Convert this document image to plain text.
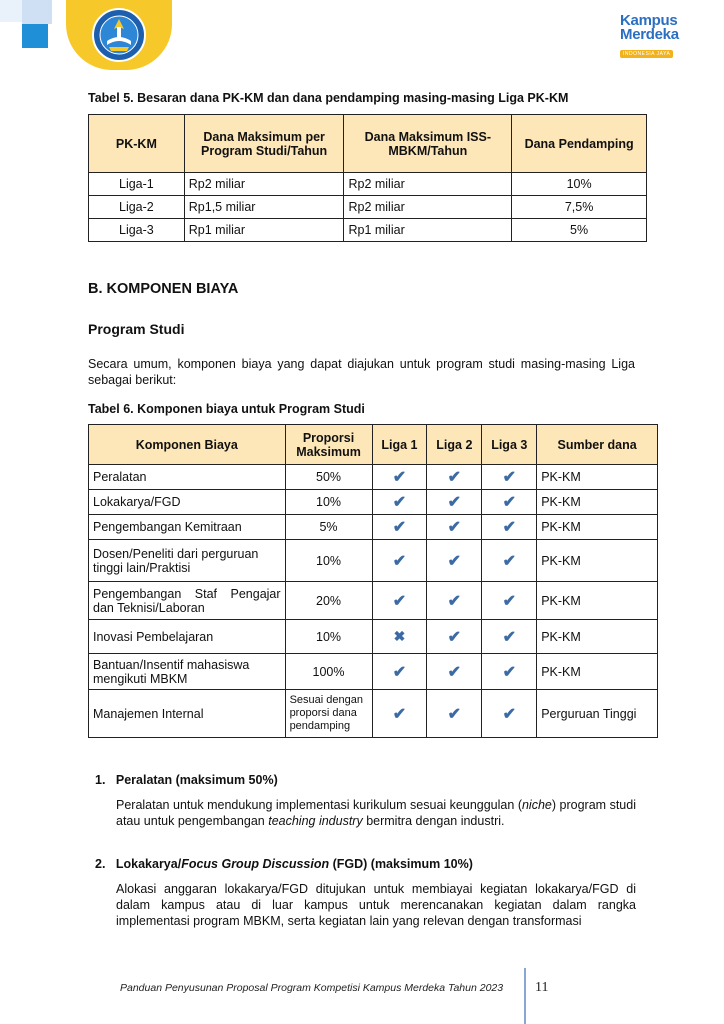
Kampus
Merdeka
INDONESIA JAYA
Tabel 5. Besaran dana PK-KM dan dana pendamping masing-masing Liga PK-KM
PK-KM	Dana Maksimum per Program Studi/Tahun	Dana Maksimum ISS-MBKM/Tahun	Dana Pendamping
Liga-1	Rp2 miliar	Rp2 miliar	10%
Liga-2	Rp1,5 miliar	Rp2 miliar	7,5%
Liga-3	Rp1 miliar	Rp1 miliar	5%
B. KOMPONEN BIAYA
Program Studi
Secara umum, komponen biaya yang dapat diajukan untuk program studi masing-masing Liga sebagai berikut:
Tabel 6. Komponen biaya untuk Program Studi
Komponen Biaya	Proporsi Maksimum	Liga 1	Liga 2	Liga 3	Sumber dana
Peralatan	50%	✔	✔	✔	PK-KM
Lokakarya/FGD	10%	✔	✔	✔	PK-KM
Pengembangan Kemitraan	5%	✔	✔	✔	PK-KM
Dosen/Peneliti dari perguruan tinggi lain/Praktisi	10%	✔	✔	✔	PK-KM
Pengembangan Staf Pengajar dan Teknisi/Laboran	20%	✔	✔	✔	PK-KM
Inovasi Pembelajaran	10%	✖	✔	✔	PK-KM
Bantuan/Insentif mahasiswa mengikuti MBKM	100%	✔	✔	✔	PK-KM
Manajemen Internal	Sesuai dengan proporsi dana pendamping	✔	✔	✔	Perguruan Tinggi
1. Peralatan (maksimum 50%)
Peralatan untuk mendukung implementasi kurikulum sesuai keunggulan (niche) program studi atau untuk pengembangan teaching industry bermitra dengan industri.
2. Lokakarya/Focus Group Discussion (FGD) (maksimum 10%)
Alokasi anggaran lokakarya/FGD ditujukan untuk membiayai kegiatan lokakarya/FGD di dalam kampus atau di luar kampus untuk merencanakan kegiatan dalam rangka implementasi program MBKM, serta kegiatan lain yang relevan dengan transformasi
Panduan Penyusunan Proposal Program Kompetisi Kampus Merdeka Tahun 2023 11
